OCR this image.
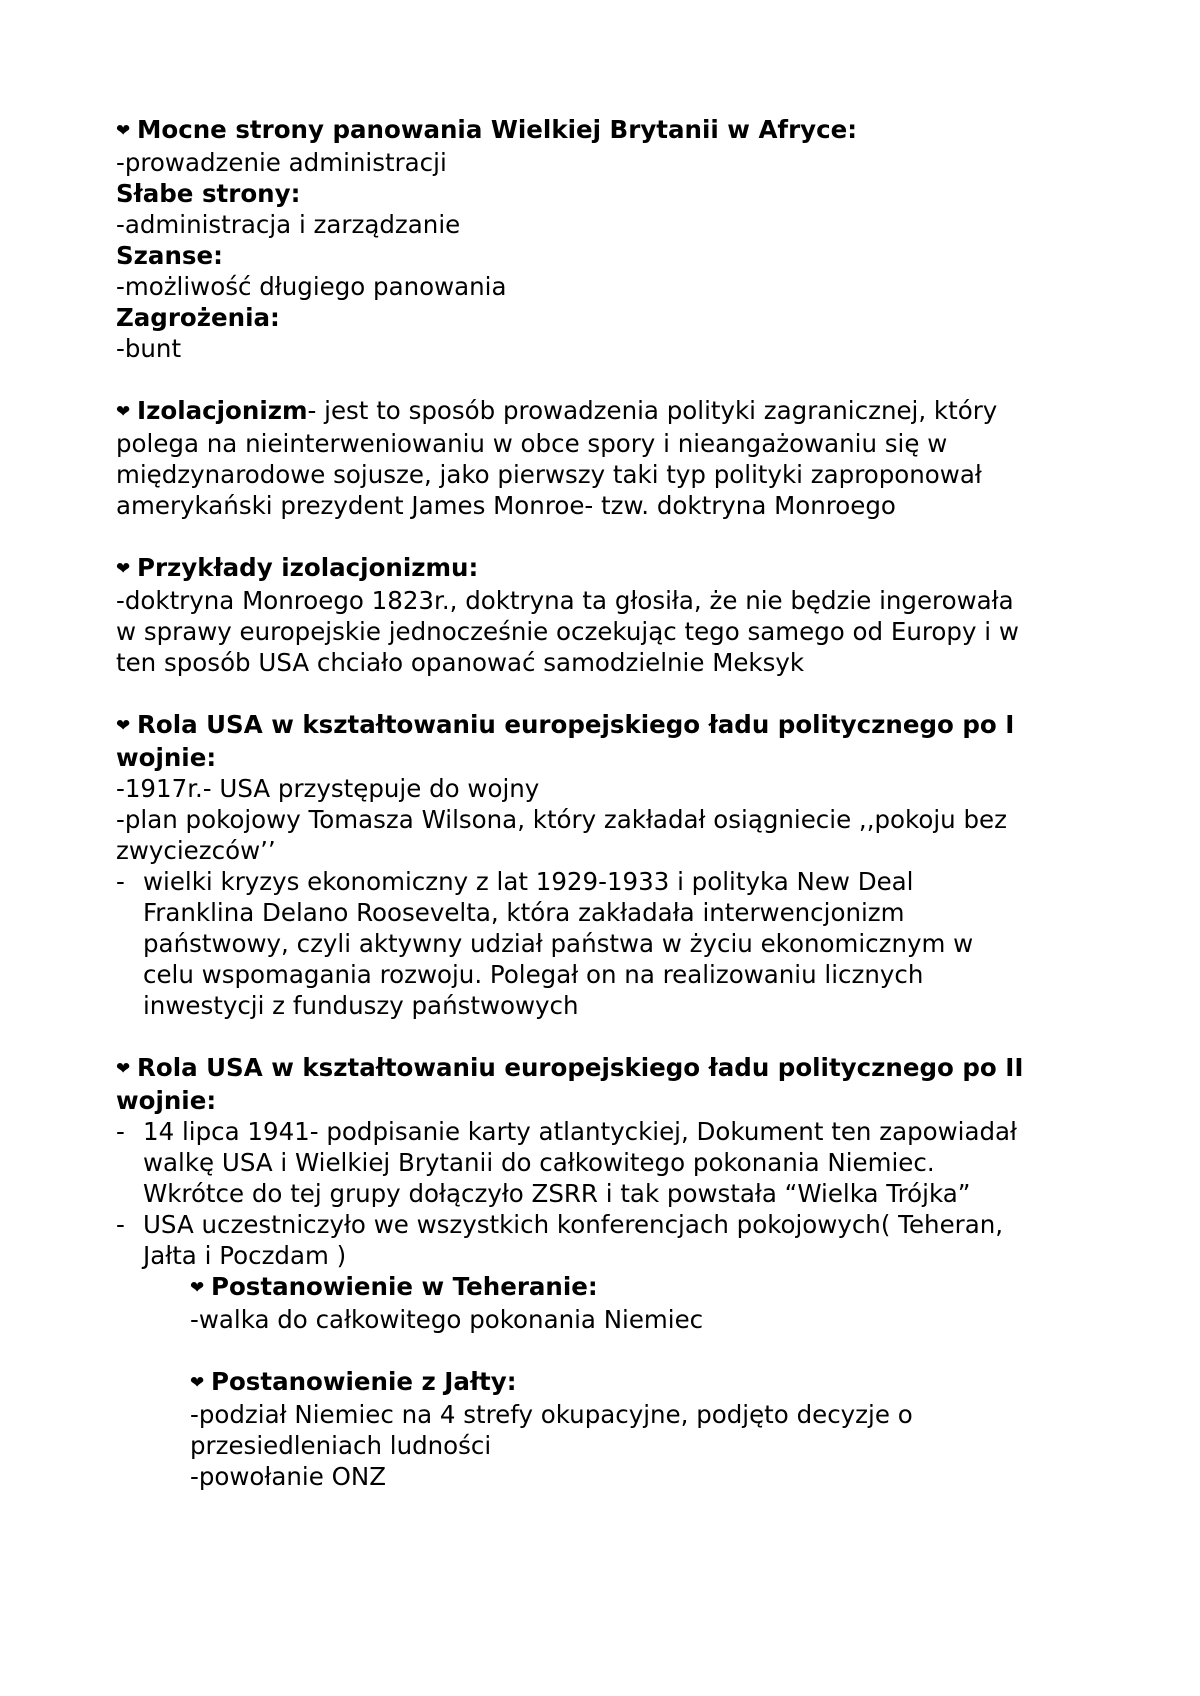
❤ Mocne strony panowania Wielkiej Brytanii w Afryce:
-prowadzenie administracji
Słabe strony:
-administracja i zarządzanie
Szanse:
-możliwość długiego panowania
Zagrożenia:
-bunt
❤ Izolacjonizm- jest to sposób prowadzenia polityki zagranicznej, który
polega na nieinterweniowaniu w obce spory i nieangażowaniu się w
międzynarodowe sojusze, jako pierwszy taki typ polityki zaproponował
amerykański prezydent James Monroe- tzw. doktryna Monroego
❤ Przykłady izolacjonizmu:
-doktryna Monroego 1823r., doktryna ta głosiła, że nie będzie ingerowała
w sprawy europejskie jednocześnie oczekując tego samego od Europy i w
ten sposób USA chciało opanować samodzielnie Meksyk
❤ Rola USA w kształtowaniu europejskiego ładu politycznego po I
wojnie:
-1917r.- USA przystępuje do wojny
-plan pokojowy Tomasza Wilsona, który zakładał osiągniecie ,,pokoju bez
zwyciezców’’
- wielki kryzys ekonomiczny z lat 1929-1933 i polityka New Deal
Franklina Delano Roosevelta, która zakładała interwencjonizm
państwowy, czyli aktywny udział państwa w życiu ekonomicznym w
celu wspomagania rozwoju. Polegał on na realizowaniu licznych
inwestycji z funduszy państwowych
❤ Rola USA w kształtowaniu europejskiego ładu politycznego po II
wojnie:
- 14 lipca 1941- podpisanie karty atlantyckiej, Dokument ten zapowiadał
walkę USA i Wielkiej Brytanii do całkowitego pokonania Niemiec.
Wkrótce do tej grupy dołączyło ZSRR i tak powstała “Wielka Trójka”
- USA uczestniczyło we wszystkich konferencjach pokojowych( Teheran,
Jałta i Poczdam )
❤ Postanowienie w Teheranie:
-walka do całkowitego pokonania Niemiec
❤ Postanowienie z Jałty:
-podział Niemiec na 4 strefy okupacyjne, podjęto decyzje o
przesiedleniach ludności
-powołanie ONZ
